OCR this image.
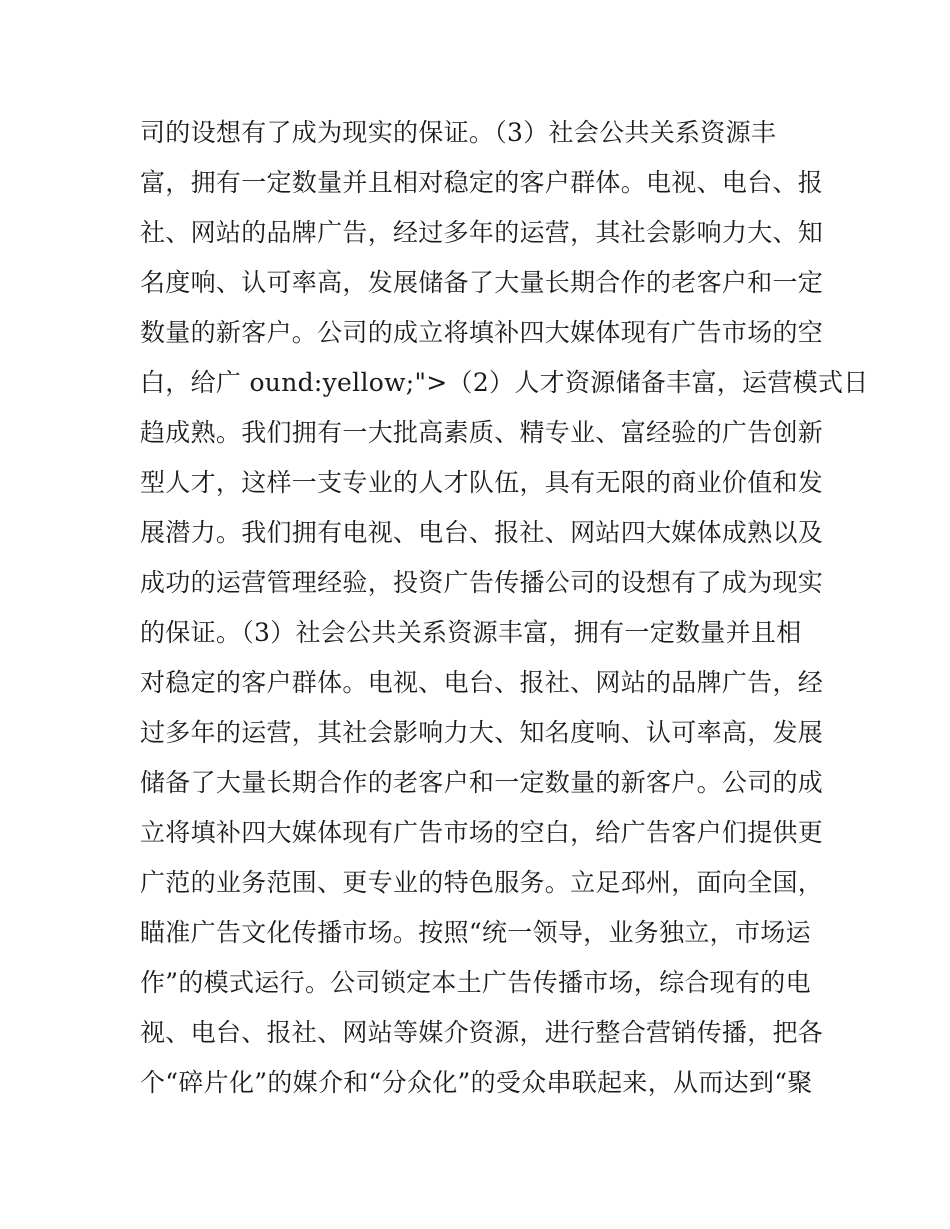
司的设想有了成为现实的保证。（3）社会公共关系资源丰
富，拥有一定数量并且相对稳定的客户群体。电视、电台、报
社、网站的品牌广告，经过多年的运营，其社会影响力大、知
名度响、认可率高，发展储备了大量长期合作的老客户和一定
数量的新客户。公司的成立将填补四大媒体现有广告市场的空
白，给广 ound:yellow;">（2）人才资源储备丰富，运营模式日
趋成熟。我们拥有一大批高素质、精专业、富经验的广告创新
型人才，这样一支专业的人才队伍，具有无限的商业价值和发
展潜力。我们拥有电视、电台、报社、网站四大媒体成熟以及
成功的运营管理经验，投资广告传播公司的设想有了成为现实
的保证。（3）社会公共关系资源丰富，拥有一定数量并且相
对稳定的客户群体。电视、电台、报社、网站的品牌广告，经
过多年的运营，其社会影响力大、知名度响、认可率高，发展
储备了大量长期合作的老客户和一定数量的新客户。公司的成
立将填补四大媒体现有广告市场的空白，给广告客户们提供更
广范的业务范围、更专业的特色服务。立足邳州，面向全国，
瞄准广告文化传播市场。按照“统一领导，业务独立，市场运
作”的模式运行。公司锁定本土广告传播市场，综合现有的电
视、电台、报社、网站等媒介资源，进行整合营销传播，把各
个“碎片化”的媒介和“分众化”的受众串联起来，从而达到“聚
